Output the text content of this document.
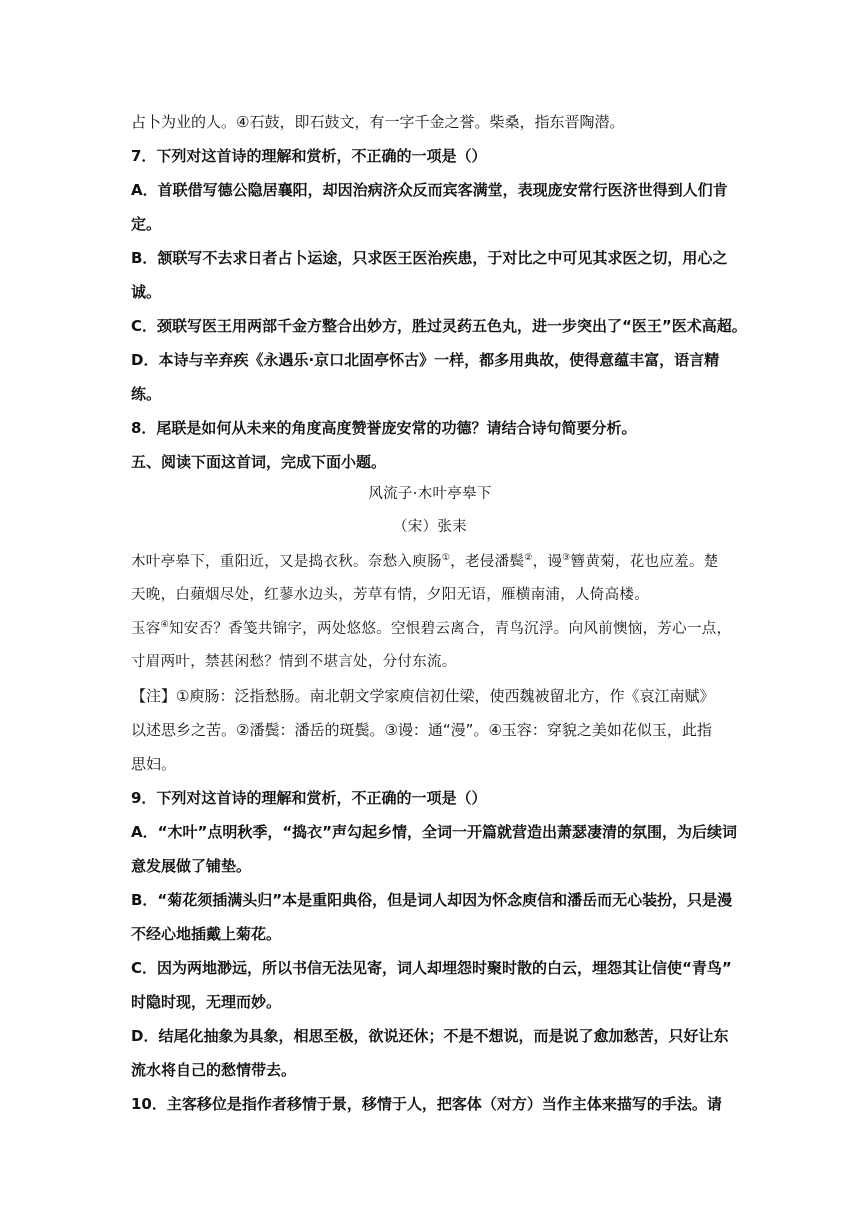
占卜为业的人。④石鼓，即石鼓文，有一字千金之誉。柴桑，指东晋陶潜。
7．下列对这首诗的理解和赏析，不正确的一项是（）
A．首联借写德公隐居襄阳，却因治病济众反而宾客满堂，表现庞安常行医济世得到人们肯
定。
B．颔联写不去求日者占卜运途，只求医王医治疾患，于对比之中可见其求医之切，用心之
诚。
C．颈联写医王用两部千金方整合出妙方，胜过灵药五色丸，进一步突出了“医王”医术高超。
D．本诗与辛弃疾《永遇乐·京口北固亭怀古》一样，都多用典故，使得意蕴丰富，语言精
练。
8．尾联是如何从未来的角度高度赞誉庞安常的功德？请结合诗句简要分析。
五、阅读下面这首词，完成下面小题。
风流子·木叶亭皋下
（宋）张耒
木叶亭皋下，重阳近，又是捣衣秋。奈愁入庾肠①，老侵潘鬓②，谩③簪黄菊，花也应羞。楚
天晚，白蘋烟尽处，红蓼水边头，芳草有情，夕阳无语，雁横南浦，人倚高楼。
玉容④知安否？香笺共锦字，两处悠悠。空恨碧云离合，青鸟沉浮。向风前懊恼，芳心一点，
寸眉两叶，禁甚闲愁？情到不堪言处，分付东流。
【注】①庾肠：泛指愁肠。南北朝文学家庾信初仕梁，使西魏被留北方，作《哀江南赋》
以述思乡之苦。②潘鬓：潘岳的斑鬓。③谩：通“漫”。④玉容：穿貌之美如花似玉，此指
思妇。
9．下列对这首诗的理解和赏析，不正确的一项是（）
A．“木叶”点明秋季，“捣衣”声勾起乡情，全词一开篇就营造出萧瑟凄清的氛围，为后续词
意发展做了铺垫。
B．“菊花须插满头归”本是重阳典俗，但是词人却因为怀念庾信和潘岳而无心装扮，只是漫
不经心地插戴上菊花。
C．因为两地渺远，所以书信无法见寄，词人却埋怨时聚时散的白云，埋怨其让信使“青鸟”
时隐时现，无理而妙。
D．结尾化抽象为具象，相思至极，欲说还休；不是不想说，而是说了愈加愁苦，只好让东
流水将自己的愁情带去。
10．主客移位是指作者移情于景，移情于人，把客体（对方）当作主体来描写的手法。请
